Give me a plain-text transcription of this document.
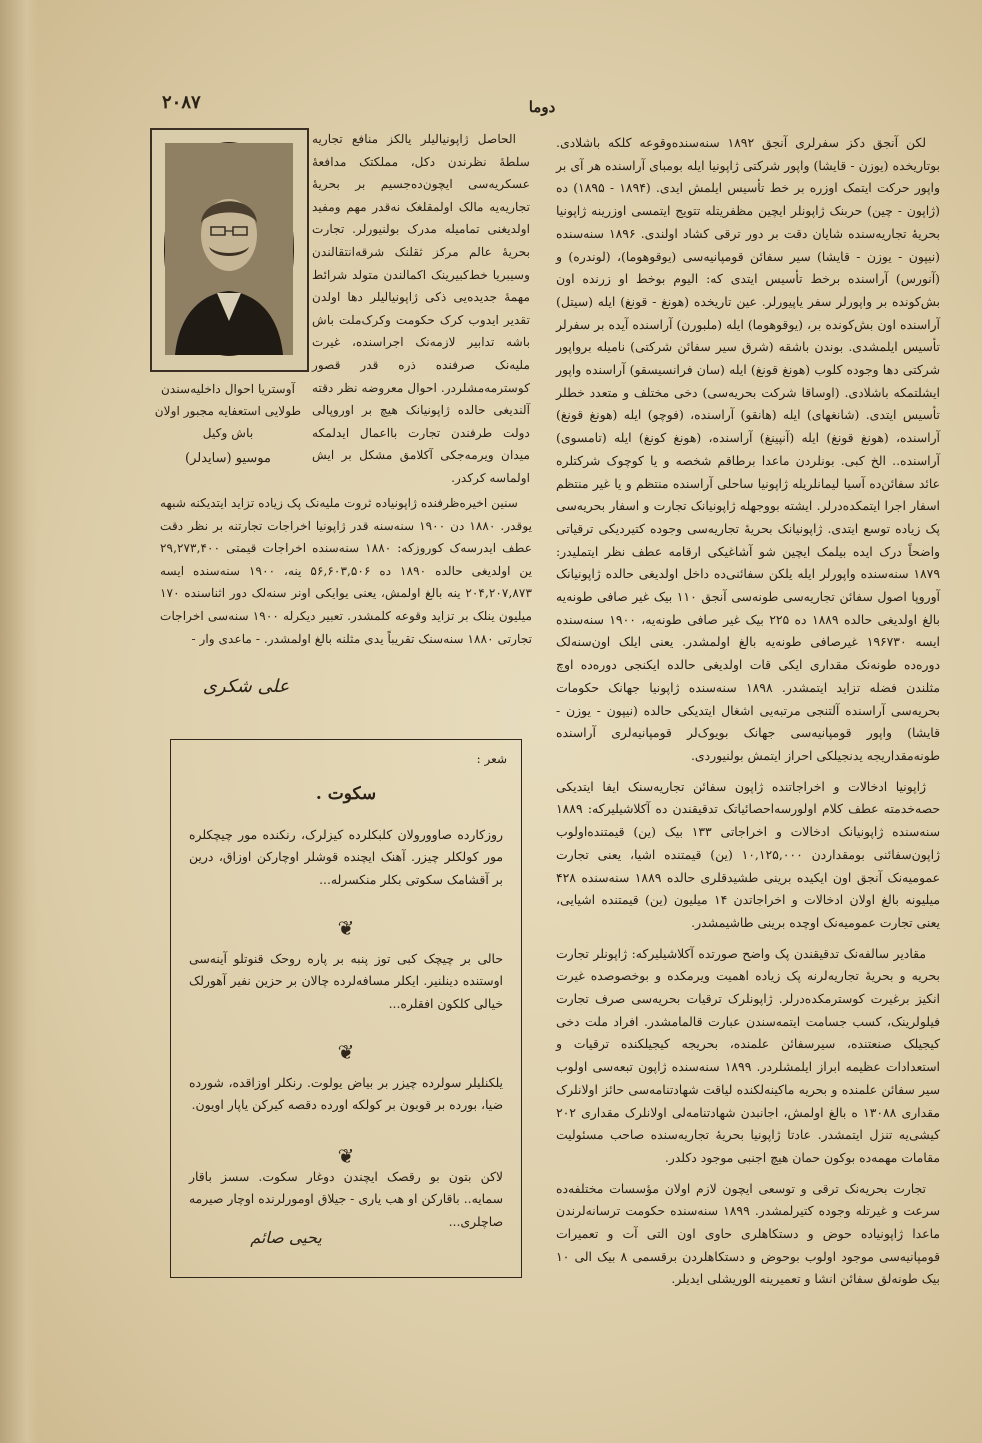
۲۰۸۷	دوما

لکن آنجق دکز سفرلری آنجق ۱۸۹۲ سنه‌سنده‌وقوعه کلکه باشلادی. بو‌تاریخده (یوزن - قایشا) واپور شرکتی ژاپونیا ایله بومبای آراسنده هر آی بر واپور حرکت ایتمک اوزره بر خط تأسیس ایلمش ایدی. (۱۸۹۴ - ۱۸۹۵) ده (ژاپون - چین) حربنک ژاپونلر ایچین مظفریتله تتویج ایتمسی اوزرینه ژاپونیا بحریهٔ تجاریه‌سنده شایان دقت بر دور ترقی کشاد اولندی. ۱۸۹۶ سنه‌سنده (نیپون - یوزن - قایشا) سیر سفائن قومپانیه‌سی (یوقوهوما)، (لوندره) و (آنورس) آراسنده برخط تأسیس ایتدی که: الیوم بوخط او زرنده اون بش‌کونده بر واپورلر سفر یاپیورلر. عین تاریخده (هونغ - قونغ) ایله (سیتل) آراسنده اون بش‌کونده بر، (یوقوهوما) ایله (ملبورن) آراسنده آیده بر سفرلر تأسیس ایلمشدی. بوندن باشقه (شرق سیر سفائن شرکتی) نامیله برواپور شرکتی دها وجوده کلوب (هونغ قونغ) ایله (سان فرانسیسقو) آراسنده واپور ایشلتمکه باشلادی. (اوساقا شرکت بحریه‌سی) دخی مختلف و متعدد خطلر تأسیس ایتدی. (شانغهای) ایله (هانقو) آراسنده، (فوچو) ایله (هونغ قونغ) آراسنده، (هونغ قونغ) ایله (آنپینغ) آراسنده، (هونغ کونغ) ایله (تامسوی) آراسنده.. الخ کبی. بونلردن ماعدا برطاقم شخصه و یا کوچوک شرکتلره عائد سفائن‌ده آسیا لیمانلریله ژاپونیا ساحلی آراسنده منتظم و یا غیر منتظم اسفار اجرا ایتمکده‌درلر. ایشته بووجهله ژاپونیانک تجارت و اسفار بحریه‌سی پک زیاده توسع ایتدی. ژاپونیانک بحریهٔ تجاریه‌سی وجوده کتیردیکی ترقیاتی واضحاً درک ایده بیلمک ایچین شو آشاغیکی ارقامه عطف نظر ایتملیدر: ۱۸۷۹ سنه‌سنده واپورلر ایله یلکن سفائنی‌ده داخل اولدیغی حالده ژاپونیانک آوروپا اصول سفائن تجاریه‌سی طونه‌سی آنجق ۱۱۰ بیک غیر صافی طونه‌یه بالغ اولدیغی حالده ۱۸۸۹ ده ۲۲۵ بیک غیر صافی طونه‌یه، ۱۹۰۰ سنه‌سنده ایسه ۱۹۶۷۳۰ غیرصافی طونه‌یه بالغ اولمشدر. یعنی ایلک اون‌سنه‌لک دوره‌ده طونه‌نک مقداری ایکی قات اولدیغی حالده ایکنجی دوره‌ده اوچ مثلندن فضله تزاید ایتمشدر. ۱۸۹۸ سنه‌سنده ژاپونیا جهانک حکومات بحریه‌سی آراسنده آلتنجی مرتبه‌یی اشغال ایتدیکی حالده (نیپون - یوزن - قایشا) واپور قومپانیه‌سی جهانک بویوک‌لر قومپانیه‌لری آراسنده طونه‌مقداریجه یدنجیلکی احراز ایتمش بولنیوردی.

ژاپونیا ادخالات و اخراجاتنده ژاپون سفائن تجاریه‌سنک ایفا ایتدیکی حصه‌خدمته عطف کلام اولورسه‌احصائیاتک تدقیقندن ده آکلاشیلیرکه: ۱۸۸۹ سنه‌سنده ژاپونیانک ادخالات و اخراجاتی ۱۳۳ بیک (ین) قیمتنده‌اولوب ژاپون‌سفائنی بومقداردن ۱۰,۱۲۵,۰۰۰ (ین) قیمتنده اشیا، یعنی تجارت عمومیه‌نک آنجق اون ایکیده برینی طشیدقلری حالده ۱۸۸۹ سنه‌سنده ۴۲۸ میلیونه بالغ اولان ادخالات و اخراجاتدن ۱۴ میلیون (ین) قیمتنده اشیایی، یعنی تجارت عمومیه‌نک اوچده برینی طاشیمشدر.

مقادیر سالفه‌نک تدقیقندن پک واضح صورتده آکلاشیلیرکه: ژاپونلر تجارت بحریه و بحریهٔ تجاریه‌لرنه پک زیاده اهمیت ویرمکده و بوخصوصده غیرت انکیز برغیرت کوسترمکده‌درلر. ژاپونلرک ترقیات بحریه‌سی صرف تجارت فیلولرینک، کسب جسامت ایتمه‌سندن عبارت قالمامشدر. افراد ملت دخی کیجیلک صنعتنده، سیرسفائن علمنده، بحریجه کیجیلکنده ترقیات و استعدادات عظیمه ابراز ایلمشلردر. ۱۸۹۹ سنه‌سنده ژاپون تبعه‌سی اولوب سیر سفائن علمنده و بحریه ماکینه‌لکنده لیاقت شهادتنامه‌سی حائز اولانلرک مقداری ۱۳۰۸۸ ه بالغ اولمش، اجانبدن شهادتنامه‌لی اولانلرک مقداری ۲۰۲ کیشی‌یه تنزل ایتمشدر. عادتا ژاپونیا بحریهٔ تجاریه‌سنده صاحب مسئولیت مقامات مهمه‌ده بوکون حمان هیچ اجنبی موجود دکلدر.

تجارت بحریه‌نک ترقی و توسعی ایچون لازم اولان مؤسسات مختلفه‌ده سرعت و غیرتله وجوده کتیرلمشدر. ۱۸۹۹ سنه‌سنده حکومت ترسانه‌لرندن ماعدا ژاپونیاده حوض و دستکاهلری حاوی اون التی آت و تعمیرات قومپانیه‌سی موجود اولوب بوحوض و دستکاهلردن برقسمی ۸ بیک الی ۱۰ بیک طونه‌لق سفائن انشا و تعمیرینه الوریشلی ایدیلر.

الحاصل ژاپونیالیلر یالکز منافع تجاریه سلطهٔ نظرندن دکل، مملکتک مدافعهٔ عسکریه‌سی ایچون‌ده‌جسیم بر بحریهٔ تجاریه‌یه مالک اولمقلغک نه‌قدر مهم ومفید اولدیغنی تمامیله مدرک بولنیورلر. تجارت بحریهٔ عالم مرکز ثقلنک شرقه‌انتقالندن وسیبریا خط‌کبیرینک اکمالندن متولد شرائط مهمهٔ جدیده‌یی ذکی ژاپونیالیلر دها اولدن تقدیر ایدوب کرک حکومت وکرک‌ملت باش باشه تدابیر لازمه‌نک اجراسنده، غیرت ملیه‌نک صرفنده ذره قدر قصور کوسترمه‌مشلردر. احوال معروضه نظر دقته آلندیغی حالده ژاپونیانک هیچ بر اوروپالی دولت طرفندن تجارت بااعمال ایدلمکه میدان ویرمه‌جکی آکلامق مشکل بر ایش اولماسه کرکدر.

آوستریا احوال داخلیه‌سندن
طولایی استعفایه مجبور اولان
باش وکیل
موسیو (سایدلر)

سنین اخیره‌ظرفنده ژاپونیاده ثروت ملیه‌نک پک زیاده تزاید ایتدیکنه شبهه یوقدر. ۱۸۸۰ دن ۱۹۰۰ سنه‌سنه قدر ژاپونیا اخراجات تجارتنه بر نظر دقت عطف ایدرسه‌ک کوروزکه: ۱۸۸۰ سنه‌سنده اخراجات قیمتی ۲۹,۲۷۳,۴۰۰ ین اولدیغی حالده ۱۸۹۰ ده ۵۶,۶۰۳,۵۰۶ ینه، ۱۹۰۰ سنه‌سنده ایسه ۲۰۴,۲۰۷,۸۷۳ ینه بالغ اولمش، یعنی یوایکی اونر سنه‌لک دور اثناسنده ۱۷۰ میلیون ینلک بر تزاید وقوعه کلمشدر. تعبیر دیکرله ۱۹۰۰ سنه‌سی اخراجات تجارتی ۱۸۸۰ سنه‌سنک تقریباً یدی مثلنه بالغ اولمشدر. - ماعدی وار -

علی شکری
شعر :
سکوت .
روزکارده صاوورولان کلبکلرده کیزلرک، رنکنده مور چیچکلره مور کولکلر چیزر. آهنک ایچنده قوشلر اوچارکن اوزاق، درین بر آقشامک سکوتی بکلر منکسرله...
❦
حالی بر چیچک کبی توز پنبه بر پاره روحک قنوتلو آینه‌سی اوستنده دینلنیر. ایکلر مسافه‌لرده چالان بر حزین نفیر آهورلک خیالی کلکون افقلره...
❦
یلکنلیلر سولرده چیزر بر بیاض یولوت. رنکلر اوزاقده، شورده ضیا، بورده بر قوبون بر کولکه اورده دقصه کیرکن یاپار اویون.
❦
لاکن بتون بو رقصک ایچندن دوغار سکوت. سسز باقار سمایه.. باقارکن او هب یاری - جیلاق اومورلرنده اوچار صیرمه صاچلری...
یحیی صائم
